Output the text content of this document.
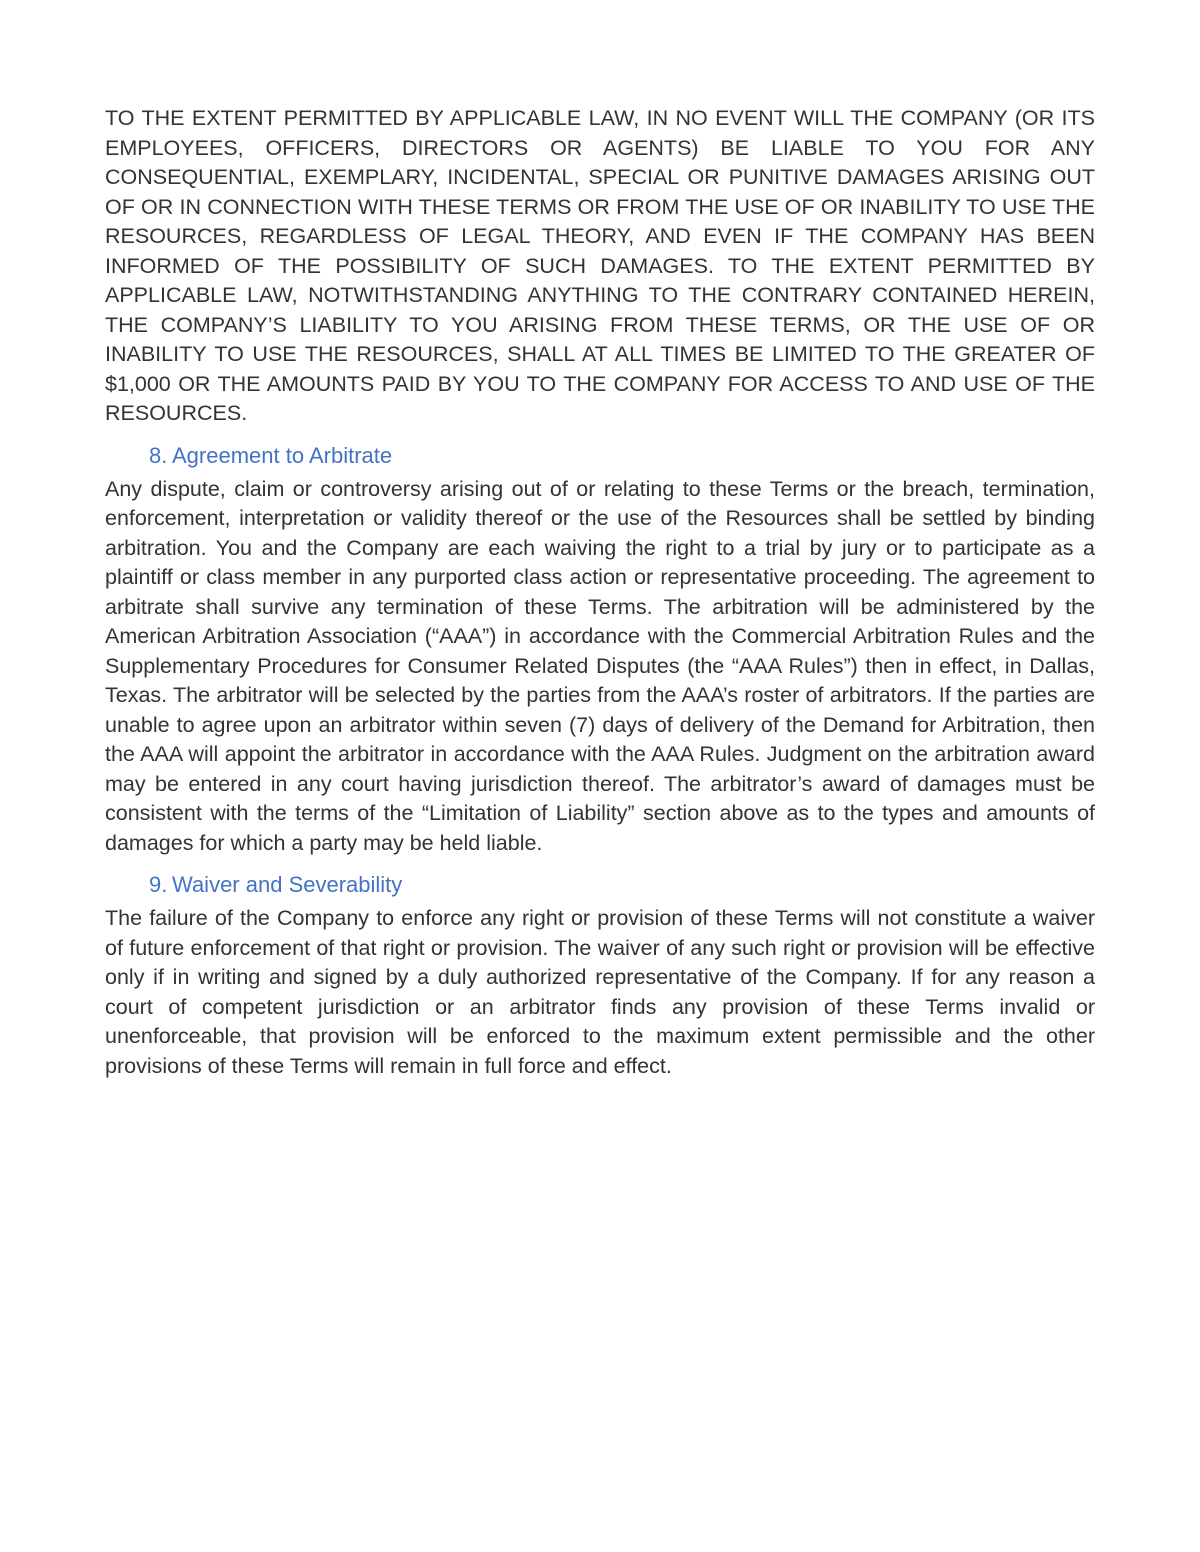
TO THE EXTENT PERMITTED BY APPLICABLE LAW, IN NO EVENT WILL THE COMPANY (OR ITS EMPLOYEES, OFFICERS, DIRECTORS OR AGENTS) BE LIABLE TO YOU FOR ANY CONSEQUENTIAL, EXEMPLARY, INCIDENTAL, SPECIAL OR PUNITIVE DAMAGES ARISING OUT OF OR IN CONNECTION WITH THESE TERMS OR FROM THE USE OF OR INABILITY TO USE THE RESOURCES, REGARDLESS OF LEGAL THEORY, AND EVEN IF THE COMPANY HAS BEEN INFORMED OF THE POSSIBILITY OF SUCH DAMAGES. TO THE EXTENT PERMITTED BY APPLICABLE LAW, NOTWITHSTANDING ANYTHING TO THE CONTRARY CONTAINED HEREIN, THE COMPANY’S LIABILITY TO YOU ARISING FROM THESE TERMS, OR THE USE OF OR INABILITY TO USE THE RESOURCES, SHALL AT ALL TIMES BE LIMITED TO THE GREATER OF $1,000 OR THE AMOUNTS PAID BY YOU TO THE COMPANY FOR ACCESS TO AND USE OF THE RESOURCES.

8. Agreement to Arbitrate

Any dispute, claim or controversy arising out of or relating to these Terms or the breach, termination, enforcement, interpretation or validity thereof or the use of the Resources shall be settled by binding arbitration. You and the Company are each waiving the right to a trial by jury or to participate as a plaintiff or class member in any purported class action or representative proceeding. The agreement to arbitrate shall survive any termination of these Terms. The arbitration will be administered by the American Arbitration Association (“AAA”) in accordance with the Commercial Arbitration Rules and the Supplementary Procedures for Consumer Related Disputes (the “AAA Rules”) then in effect, in Dallas, Texas. The arbitrator will be selected by the parties from the AAA’s roster of arbitrators. If the parties are unable to agree upon an arbitrator within seven (7) days of delivery of the Demand for Arbitration, then the AAA will appoint the arbitrator in accordance with the AAA Rules. Judgment on the arbitration award may be entered in any court having jurisdiction thereof. The arbitrator’s award of damages must be consistent with the terms of the “Limitation of Liability” section above as to the types and amounts of damages for which a party may be held liable.

9. Waiver and Severability

The failure of the Company to enforce any right or provision of these Terms will not constitute a waiver of future enforcement of that right or provision. The waiver of any such right or provision will be effective only if in writing and signed by a duly authorized representative of the Company. If for any reason a court of competent jurisdiction or an arbitrator finds any provision of these Terms invalid or unenforceable, that provision will be enforced to the maximum extent permissible and the other provisions of these Terms will remain in full force and effect.
